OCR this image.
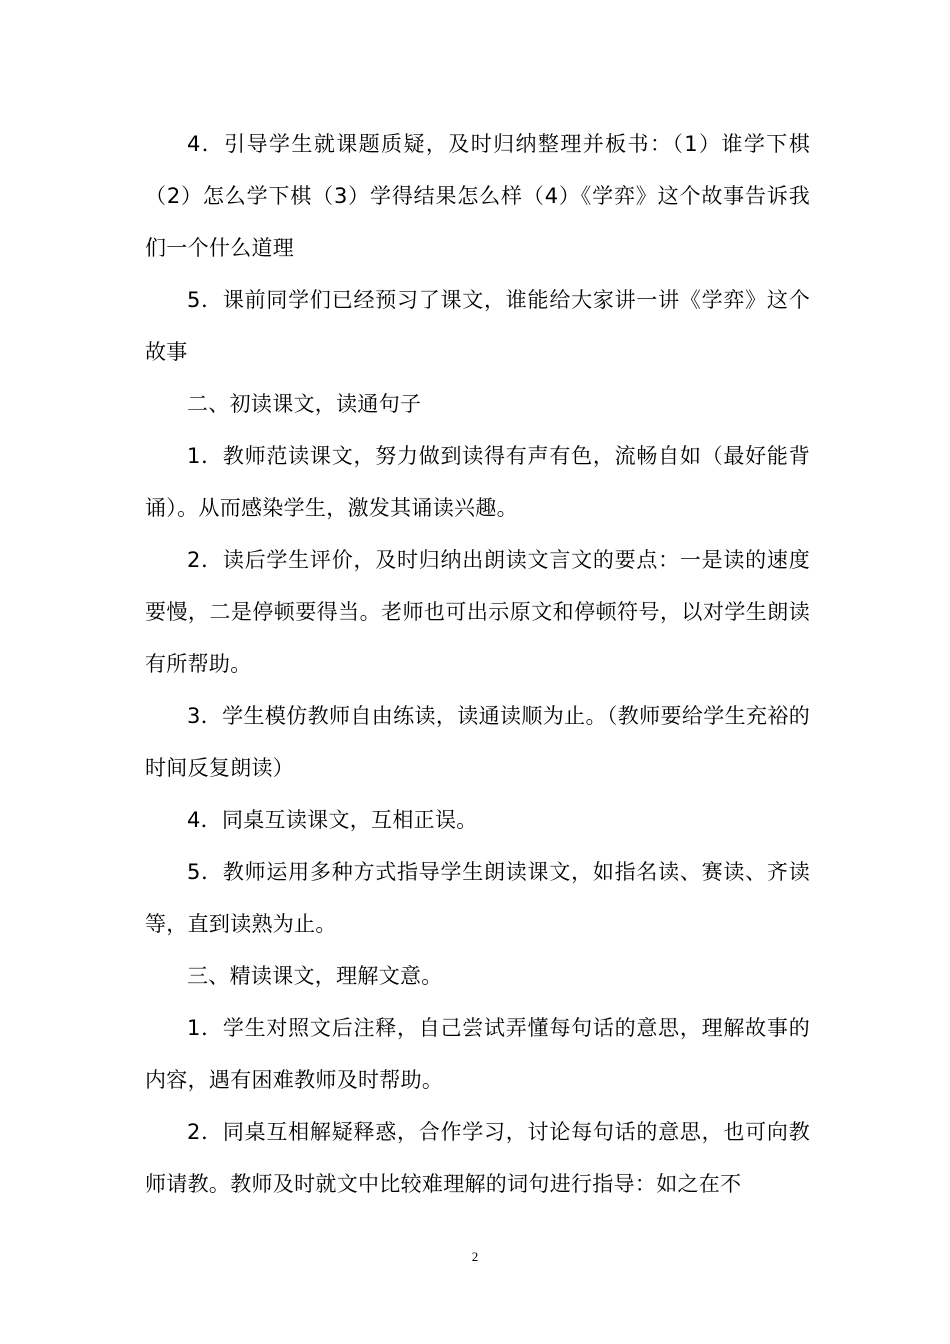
4．引导学生就课题质疑，及时归纳整理并板书：（1）谁学下棋（2）怎么学下棋（3）学得结果怎么样（4）《学弈》这个故事告诉我们一个什么道理

5．课前同学们已经预习了课文，谁能给大家讲一讲《学弈》这个故事

二、初读课文，读通句子

1．教师范读课文，努力做到读得有声有色，流畅自如（最好能背诵）。从而感染学生，激发其诵读兴趣。

2．读后学生评价，及时归纳出朗读文言文的要点：一是读的速度要慢，二是停顿要得当。老师也可出示原文和停顿符号，以对学生朗读有所帮助。

3．学生模仿教师自由练读，读通读顺为止。（教师要给学生充裕的时间反复朗读）

4．同桌互读课文，互相正误。

5．教师运用多种方式指导学生朗读课文，如指名读、赛读、齐读等，直到读熟为止。

三、精读课文，理解文意。

1．学生对照文后注释，自己尝试弄懂每句话的意思，理解故事的内容，遇有困难教师及时帮助。

2．同桌互相解疑释惑，合作学习，讨论每句话的意思，也可向教师请教。教师及时就文中比较难理解的词句进行指导：如之在不

2
